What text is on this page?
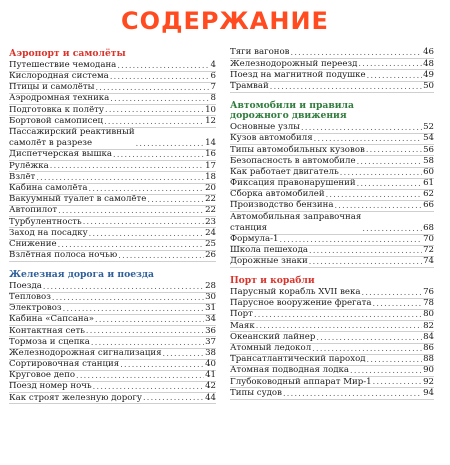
СОДЕРЖАНИЕ
Аэропорт и самолёты
Путешествие чемодана .....	4
Кислородная система .....	6
Птицы и самолёты .....	7
Аэродромная техника .....	8
Подготовка к полёту .....	10
Бортовой самописец .....	12
Пассажирский реактивный
самолёт в разрезе .....	14
Диспетчерская вышка .....	16
Рулёжка .....	17
Взлёт .....	18
Кабина самолёта .....	20
Вакуумный туалет в самолёте .....	22
Автопилот .....	22
Турбулентность .....	23
Заход на посадку .....	24
Снижение .....	25
Взлётная полоса ночью .....	26
Железная дорога и поезда
Поезда .....	28
Тепловоз .....	30
Электровоз .....	31
Кабина «Сапсана» .....	34
Контактная сеть .....	36
Тормоза и сцепка .....	37
Железнодорожная сигнализация .....	38
Сортировочная станция .....	40
Круговое депо .....	41
Поезд номер ночь .....	42
Как строят железную дорогу .....	44
Тяги вагонов .....	46
Железнодорожный переезд .....	48
Поезд на магнитной подушке .....	49
Трамвай .....	50
Автомобили и правила
дорожного движения
Основные узлы .....	52
Кузов автомобиля .....	54
Типы автомобильных кузовов .....	56
Безопасность в автомобиле .....	58
Как работает двигатель .....	60
Фиксация правонарушений .....	61
Сборка автомобилей .....	62
Производство бензина .....	66
Автомобильная заправочная
станция .....	68
Формула-1 .....	70
Школа пешехода .....	72
Дорожные знаки .....	74
Порт и корабли
Парусный корабль XVII века .....	76
Парусное вооружение фрегата .....	78
Порт .....	80
Маяк .....	82
Океанский лайнер .....	84
Атомный ледокол .....	86
Трансатлантический пароход .....	88
Атомная подводная лодка .....	90
Глубоководный аппарат Мир-1 .....	92
Типы судов .....	94
